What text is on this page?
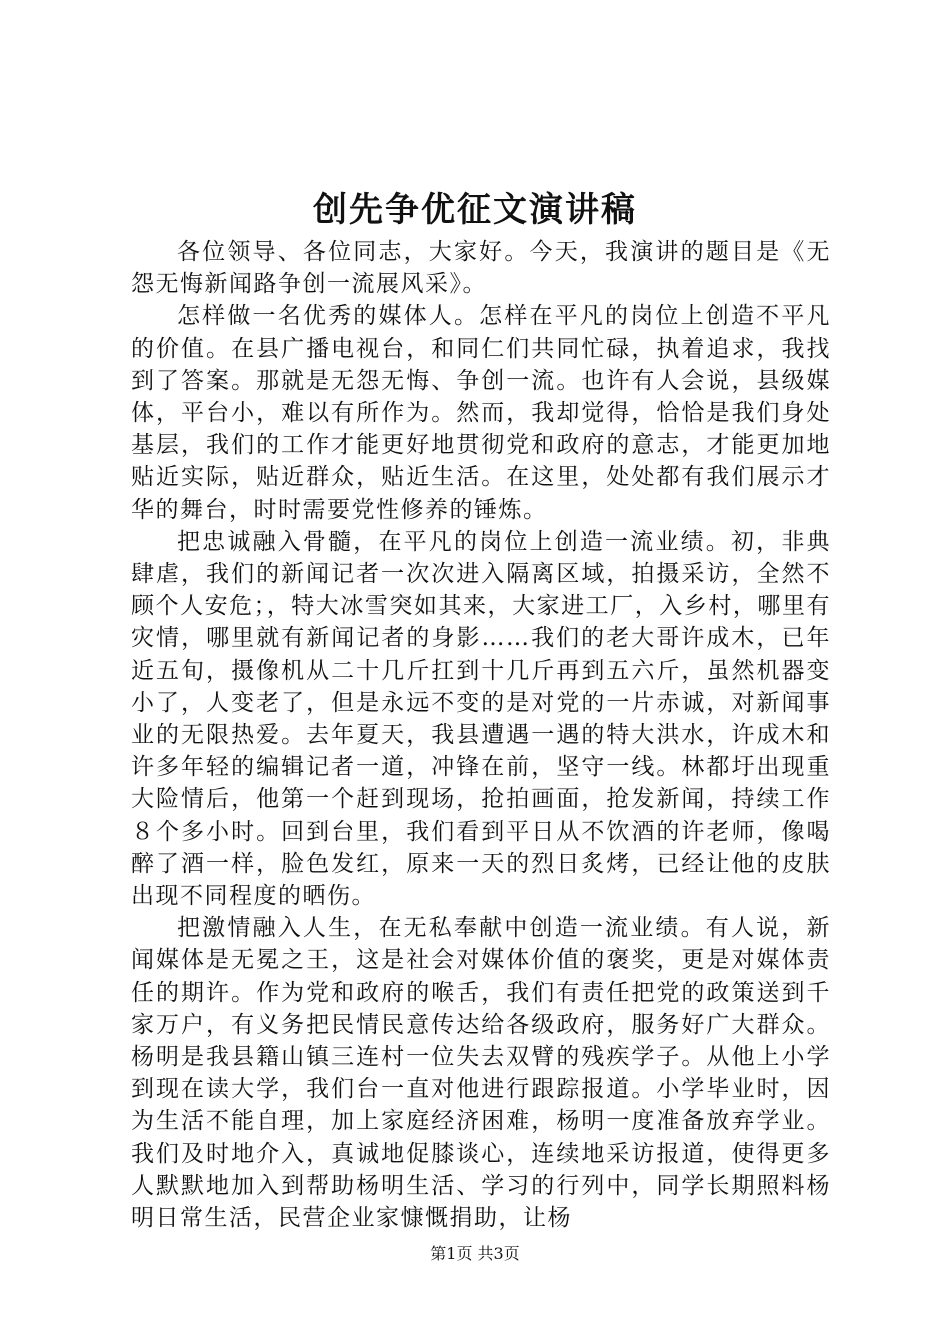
创先争优征文演讲稿

各位领导、各位同志，大家好。今天，我演讲的题目是《无怨无悔新闻路争创一流展风采》。

怎样做一名优秀的媒体人。怎样在平凡的岗位上创造不平凡的价值。在县广播电视台，和同仁们共同忙碌，执着追求，我找到了答案。那就是无怨无悔、争创一流。也许有人会说，县级媒体，平台小，难以有所作为。然而，我却觉得，恰恰是我们身处基层，我们的工作才能更好地贯彻党和政府的意志，才能更加地贴近实际，贴近群众，贴近生活。在这里，处处都有我们展示才华的舞台，时时需要党性修养的锤炼。

把忠诚融入骨髓，在平凡的岗位上创造一流业绩。初，非典肆虐，我们的新闻记者一次次进入隔离区域，拍摄采访，全然不顾个人安危；，特大冰雪突如其来，大家进工厂，入乡村，哪里有灾情，哪里就有新闻记者的身影……我们的老大哥许成木，已年近五旬，摄像机从二十几斤扛到十几斤再到五六斤，虽然机器变小了，人变老了，但是永远不变的是对党的一片赤诚，对新闻事业的无限热爱。去年夏天，我县遭遇一遇的特大洪水，许成木和许多年轻的编辑记者一道，冲锋在前，坚守一线。林都圩出现重大险情后，他第一个赶到现场，抢拍画面，抢发新闻，持续工作８个多小时。回到台里，我们看到平日从不饮酒的许老师，像喝醉了酒一样，脸色发红，原来一天的烈日炙烤，已经让他的皮肤出现不同程度的晒伤。

把激情融入人生，在无私奉献中创造一流业绩。有人说，新闻媒体是无冕之王，这是社会对媒体价值的褒奖，更是对媒体责任的期许。作为党和政府的喉舌，我们有责任把党的政策送到千家万户，有义务把民情民意传达给各级政府，服务好广大群众。杨明是我县籍山镇三连村一位失去双臂的残疾学子。从他上小学到现在读大学，我们台一直对他进行跟踪报道。小学毕业时，因为生活不能自理，加上家庭经济困难，杨明一度准备放弃学业。我们及时地介入，真诚地促膝谈心，连续地采访报道，使得更多人默默地加入到帮助杨明生活、学习的行列中，同学长期照料杨明日常生活，民营企业家慷慨捐助，让杨

第1页 共3页
